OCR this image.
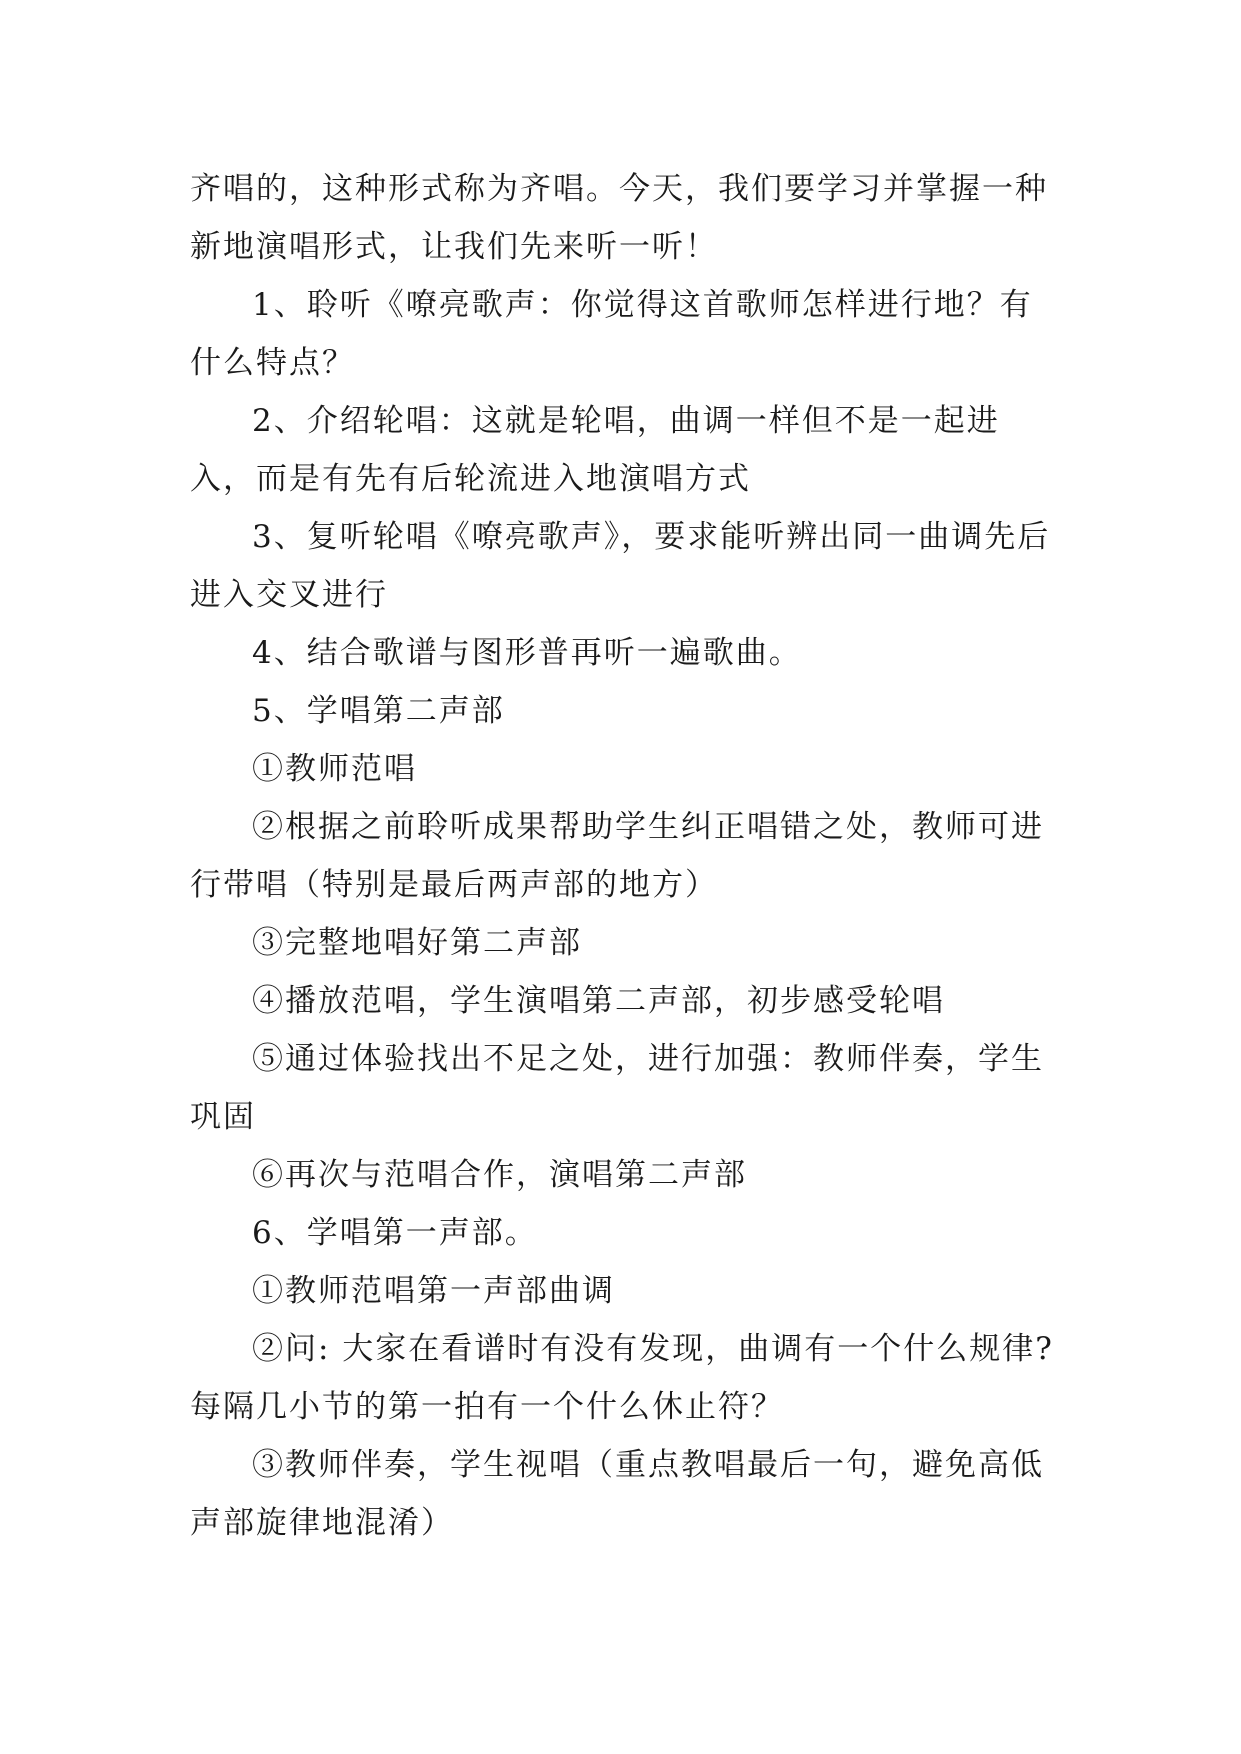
齐唱的，这种形式称为齐唱。今天，我们要学习并掌握一种新地演唱形式，让我们先来听一听！

1、聆听《嘹亮歌声：你觉得这首歌师怎样进行地？有什么特点？

2、介绍轮唱：这就是轮唱，曲调一样但不是一起进入，而是有先有后轮流进入地演唱方式

3、复听轮唱《嘹亮歌声》，要求能听辨出同一曲调先后进入交叉进行

4、结合歌谱与图形普再听一遍歌曲。

5、学唱第二声部

①教师范唱

②根据之前聆听成果帮助学生纠正唱错之处，教师可进行带唱（特别是最后两声部的地方）

③完整地唱好第二声部

④播放范唱，学生演唱第二声部，初步感受轮唱

⑤通过体验找出不足之处，进行加强：教师伴奏，学生巩固

⑥再次与范唱合作，演唱第二声部

6、学唱第一声部。

①教师范唱第一声部曲调

②问: 大家在看谱时有没有发现，曲调有一个什么规律?每隔几小节的第一拍有一个什么休止符？

③教师伴奏，学生视唱（重点教唱最后一句，避免高低声部旋律地混淆）
